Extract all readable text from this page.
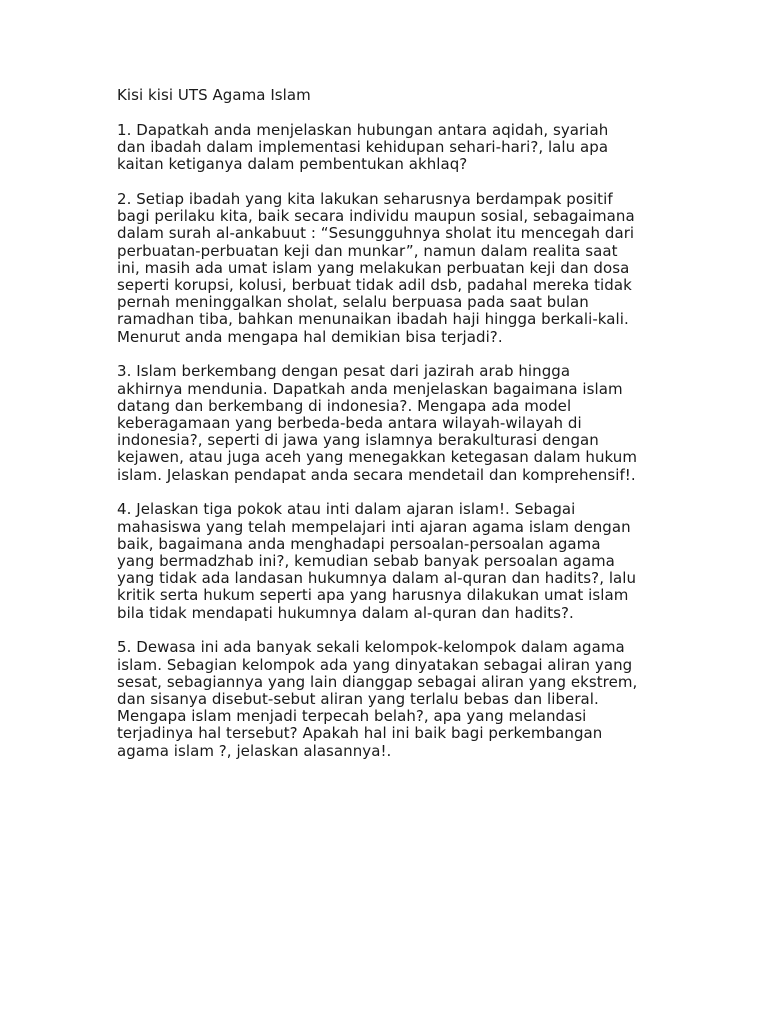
Kisi kisi UTS Agama Islam

1. Dapatkah anda menjelaskan hubungan antara aqidah, syariah
dan ibadah dalam implementasi kehidupan sehari-hari?, lalu apa
kaitan ketiganya dalam pembentukan akhlaq?

2. Setiap ibadah yang kita lakukan seharusnya berdampak positif
bagi perilaku kita, baik secara individu maupun sosial, sebagaimana
dalam surah al-ankabuut : “Sesungguhnya sholat itu mencegah dari
perbuatan-perbuatan keji dan munkar”, namun dalam realita saat
ini, masih ada umat islam yang melakukan perbuatan keji dan dosa
seperti korupsi, kolusi, berbuat tidak adil dsb, padahal mereka tidak
pernah meninggalkan sholat, selalu berpuasa pada saat bulan
ramadhan tiba, bahkan menunaikan ibadah haji hingga berkali-kali.
Menurut anda mengapa hal demikian bisa terjadi?.

3. Islam berkembang dengan pesat dari jazirah arab hingga
akhirnya mendunia. Dapatkah anda menjelaskan bagaimana islam
datang dan berkembang di indonesia?. Mengapa ada model
keberagamaan yang berbeda-beda antara wilayah-wilayah di
indonesia?, seperti di jawa yang islamnya berakulturasi dengan
kejawen, atau juga aceh yang menegakkan ketegasan dalam hukum
islam. Jelaskan pendapat anda secara mendetail dan komprehensif!.

4. Jelaskan tiga pokok atau inti dalam ajaran islam!. Sebagai
mahasiswa yang telah mempelajari inti ajaran agama islam dengan
baik, bagaimana anda menghadapi persoalan-persoalan agama
yang bermadzhab ini?, kemudian sebab banyak persoalan agama
yang tidak ada landasan hukumnya dalam al-quran dan hadits?, lalu
kritik serta hukum seperti apa yang harusnya dilakukan umat islam
bila tidak mendapati hukumnya dalam al-quran dan hadits?.

5. Dewasa ini ada banyak sekali kelompok-kelompok dalam agama
islam. Sebagian kelompok ada yang dinyatakan sebagai aliran yang
sesat, sebagiannya yang lain dianggap sebagai aliran yang ekstrem,
dan sisanya disebut-sebut aliran yang terlalu bebas dan liberal.
Mengapa islam menjadi terpecah belah?, apa yang melandasi
terjadinya hal tersebut? Apakah hal ini baik bagi perkembangan
agama islam ?, jelaskan alasannya!.
